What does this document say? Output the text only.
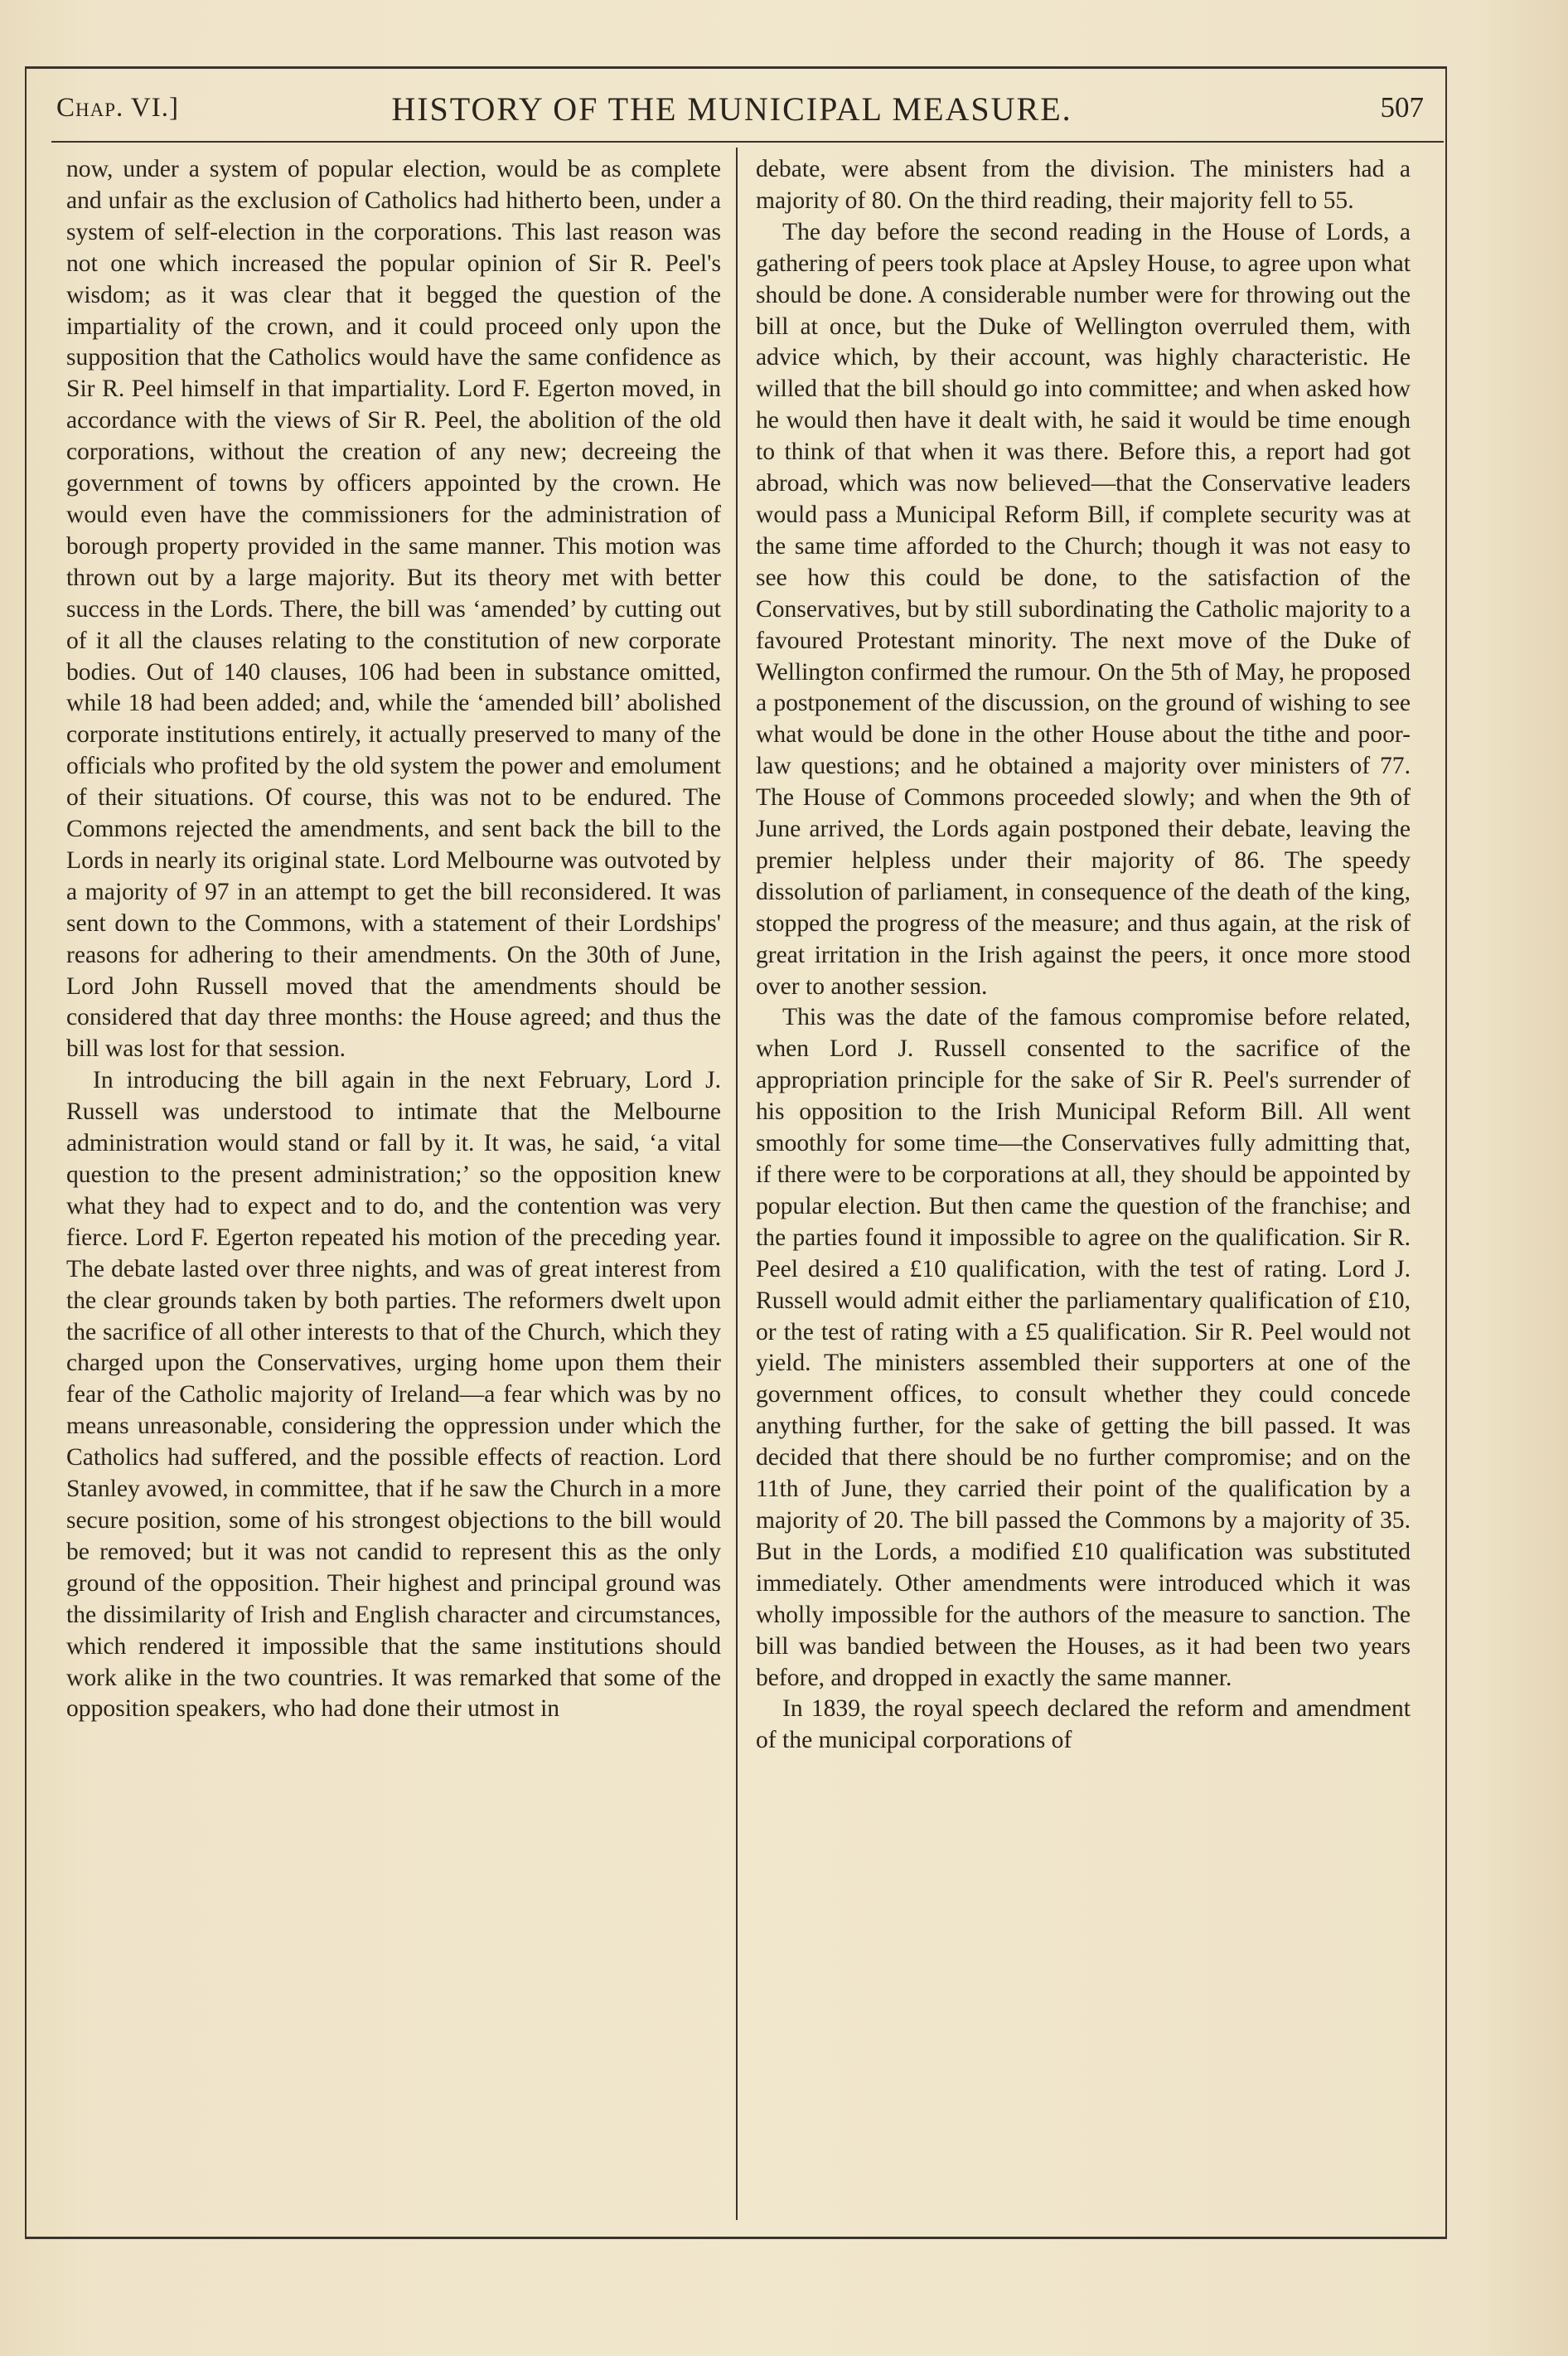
Chap. VI.]	HISTORY OF THE MUNICIPAL MEASURE.	507

now, under a system of popular election, would be as complete and unfair as the exclusion of Catholics had hitherto been, under a system of self-election in the corporations. This last reason was not one which increased the popular opinion of Sir R. Peel's wisdom; as it was clear that it begged the question of the impartiality of the crown, and it could proceed only upon the supposition that the Catholics would have the same confidence as Sir R. Peel himself in that impartiality. Lord F. Egerton moved, in accordance with the views of Sir R. Peel, the abolition of the old corporations, without the creation of any new; decreeing the government of towns by officers appointed by the crown. He would even have the commissioners for the administration of borough property provided in the same manner. This motion was thrown out by a large majority. But its theory met with better success in the Lords. There, the bill was ‘amended’ by cutting out of it all the clauses relating to the constitution of new corporate bodies. Out of 140 clauses, 106 had been in substance omitted, while 18 had been added; and, while the ‘amended bill’ abolished corporate institutions entirely, it actually preserved to many of the officials who profited by the old system the power and emolument of their situations. Of course, this was not to be endured. The Commons rejected the amendments, and sent back the bill to the Lords in nearly its original state. Lord Melbourne was outvoted by a majority of 97 in an attempt to get the bill reconsidered. It was sent down to the Commons, with a statement of their Lordships' reasons for adhering to their amendments. On the 30th of June, Lord John Russell moved that the amendments should be considered that day three months: the House agreed; and thus the bill was lost for that session.

In introducing the bill again in the next February, Lord J. Russell was understood to intimate that the Melbourne administration would stand or fall by it. It was, he said, ‘a vital question to the present administration;’ so the opposition knew what they had to expect and to do, and the contention was very fierce. Lord F. Egerton repeated his motion of the preceding year. The debate lasted over three nights, and was of great interest from the clear grounds taken by both parties. The reformers dwelt upon the sacrifice of all other interests to that of the Church, which they charged upon the Conservatives, urging home upon them their fear of the Catholic majority of Ireland—a fear which was by no means unreasonable, considering the oppression under which the Catholics had suffered, and the possible effects of reaction. Lord Stanley avowed, in committee, that if he saw the Church in a more secure position, some of his strongest objections to the bill would be removed; but it was not candid to represent this as the only ground of the opposition. Their highest and principal ground was the dissimilarity of Irish and English character and circumstances, which rendered it impossible that the same institutions should work alike in the two countries. It was remarked that some of the opposition speakers, who had done their utmost in

debate, were absent from the division. The ministers had a majority of 80. On the third reading, their majority fell to 55.

The day before the second reading in the House of Lords, a gathering of peers took place at Apsley House, to agree upon what should be done. A considerable number were for throwing out the bill at once, but the Duke of Wellington overruled them, with advice which, by their account, was highly characteristic. He willed that the bill should go into committee; and when asked how he would then have it dealt with, he said it would be time enough to think of that when it was there. Before this, a report had got abroad, which was now believed—that the Conservative leaders would pass a Municipal Reform Bill, if complete security was at the same time afforded to the Church; though it was not easy to see how this could be done, to the satisfaction of the Conservatives, but by still subordinating the Catholic majority to a favoured Protestant minority. The next move of the Duke of Wellington confirmed the rumour. On the 5th of May, he proposed a postponement of the discussion, on the ground of wishing to see what would be done in the other House about the tithe and poor-law questions; and he obtained a majority over ministers of 77. The House of Commons proceeded slowly; and when the 9th of June arrived, the Lords again postponed their debate, leaving the premier helpless under their majority of 86. The speedy dissolution of parliament, in consequence of the death of the king, stopped the progress of the measure; and thus again, at the risk of great irritation in the Irish against the peers, it once more stood over to another session.

This was the date of the famous compromise before related, when Lord J. Russell consented to the sacrifice of the appropriation principle for the sake of Sir R. Peel's surrender of his opposition to the Irish Municipal Reform Bill. All went smoothly for some time—the Conservatives fully admitting that, if there were to be corporations at all, they should be appointed by popular election. But then came the question of the franchise; and the parties found it impossible to agree on the qualification. Sir R. Peel desired a £10 qualification, with the test of rating. Lord J. Russell would admit either the parliamentary qualification of £10, or the test of rating with a £5 qualification. Sir R. Peel would not yield. The ministers assembled their supporters at one of the government offices, to consult whether they could concede anything further, for the sake of getting the bill passed. It was decided that there should be no further compromise; and on the 11th of June, they carried their point of the qualification by a majority of 20. The bill passed the Commons by a majority of 35. But in the Lords, a modified £10 qualification was substituted immediately. Other amendments were introduced which it was wholly impossible for the authors of the measure to sanction. The bill was bandied between the Houses, as it had been two years before, and dropped in exactly the same manner.

In 1839, the royal speech declared the reform and amendment of the municipal corporations of
